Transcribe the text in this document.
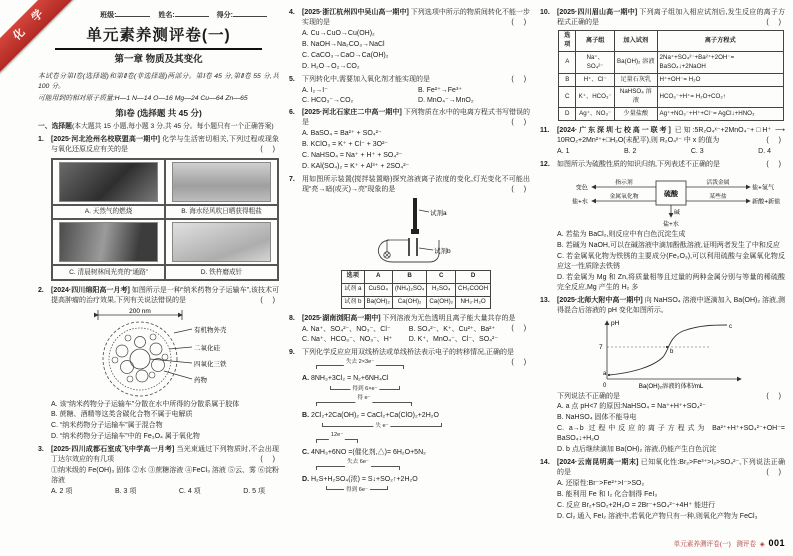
化 学	班级:	姓名:	得分:
单元素养测评卷(一)
第一章 物质及其变化
本试卷分第Ⅰ卷(选择题)和第Ⅱ卷(非选择题)两部分。第Ⅰ卷 45 分,第Ⅱ卷 55 分,共 100 分。
可能用到的相对原子质量:H—1 N—14 O—16 Mg—24 Cu—64 Zn—65
第Ⅰ卷 (选择题 共 45 分)
一、选择题(本大题共 15 小题,每小题 3 分,共 45 分。每小题只有一个正确答案)
1.	[2025·河北沧州名校联盟高一期中] 化学与生活密切相关,下列过程或现象与氧化还原反应有关的是	( )
A. 天然气的燃烧	B. 海水经风吹日晒获得粗盐
C. 清晨树林间光亮的“通路”	D. 铁杵磨成针
2.	[2024·四川绵阳高一月考] 如图所示是一种“纳米药物分子运输车”,该技术可提高肿瘤的治疗效果,下列有关说法错误的是	( )
200 nm
有机物外壳
二氧化硅
四氧化三铁
药物
A. 该“纳米药物分子运输车”分散在水中所得的分散系属于胶体
B. 蔗糖、酒精等这类含碳化合物不属于电解质
C. “纳米药物分子运输车”属于混合物
D. “纳米药物分子运输车”中的 Fe₃O₄ 属于氧化物
3.	[2025·四川成都石室成飞中学高一月考] 当光束通过下列物质时,不会出现丁达尔效应的有几项	( )
①纳米级的 Fe(OH)₃ 固体 ②水 ③蔗糖溶液 ④FeCl₃ 溶液 ⑤云、雾 ⑥淀粉溶液
A. 2 项	B. 3 项	C. 4 项	D. 5 项
4.	[2025·浙江杭州四中吴山高一期中] 下列选项中所示的物质间转化不能一步实现的是	( )
A. Cu→CuO→Cu(OH)₂
B. NaOH→Na₂CO₃→NaCl
C. CaCO₃→CaO→Ca(OH)₂
D. H₂O→O₂→CO₂
5.	下列转化中,需要加入氧化剂才能实现的是	( )
A. I₂→I⁻	B. Fe²⁺→Fe³⁺
C. HCO₃⁻→CO₂	D. MnO₄⁻→MnO₂
6.	[2025·河北石家庄二中高一期中] 下列物质在水中的电离方程式书写错误的是	( )
A. BaSO₄ = Ba²⁺ + SO₄²⁻
B. KClO₃ = K⁺ + Cl⁻ + 3O²⁻
C. NaHSO₄ = Na⁺ + H⁺ + SO₄²⁻
D. KAl(SO₄)₂ = K⁺ + Al³⁺ + 2SO₄²⁻
7.	用如图所示装置(搅拌装置略)探究溶液离子浓度的变化,灯光变化不可能出现“亮→暗(或灭)→亮”现象的是	( )
试剂a
试剂b
选项	A	B	C	D
试剂 a	CuSO₄	(NH₄)₂SO₄	H₂SO₄	CH₃COOH
试剂 b	Ba(OH)₂	Ca(OH)₂	Ca(OH)₂	NH₃·H₂O
8.	[2025·湖南浏阳高一期中] 下列溶液为无色透明且离子能大量共存的是
( )
A. Na⁺、SO₄²⁻、NO₃⁻、Cl⁻	B. SO₄²⁻、K⁺、Cu²⁺、Ba²⁺
C. Na⁺、HCO₃⁻、NO₃⁻、H⁺	D. K⁺、MnO₄⁻、Cl⁻、SO₄²⁻
9.	下列化学反应应用双线桥法或单线桥法表示电子的转移情况,正确的是
( )
失去 2×3e⁻
A. 8NH₃+3Cl₂ = N₂+6NH₄Cl
得到 6×e⁻
得 e⁻
B. 2Cl₂+2Ca(OH)₂ = CaCl₂+Ca(ClO)₂+2H₂O
失 e⁻
12e⁻
C. 4NH₃+6NO =(催化剂,△)= 6H₂O+5N₂
失去 6e⁻
D. H₂S+H₂SO₄(浓) = S↓+SO₂↑+2H₂O
得到 6e⁻
10.	[2025·四川眉山高一期中] 下列离子组加入相应试剂后,发生反应的离子方程式正确的是	( )
选项	离子组	加入试剂	离子方程式
A	Na⁺、SO₄²⁻	Ba(OH)₂ 溶液	2Na⁺+SO₄²⁻+Ba²⁺+2OH⁻= BaSO₄↓+2NaOH
B	H⁺、Cl⁻	足量石灰乳	H⁺+OH⁻= H₂O
C	K⁺、HCO₃⁻	NaHSO₄ 溶液	HCO₃⁻+H⁺= H₂O+CO₂↑
D	Ag⁺、NO₃⁻	少量盐酸	Ag⁺+NO₃⁻+H⁺+Cl⁻= AgCl↓+HNO₃
11.	[2024·广东深圳七校高一联考] 已知:5R₂O₄ˣ⁻+2MnO₄⁻+□H⁺ ⟶ 10RO₂+2Mn²⁺+□H₂O(未配平),则 R₂O₄ˣ⁻ 中 x 的值为	( )
A. 1	B. 2	C. 3	D. 4
12.	如图所示为硫酸性质的知识归纳,下列表述不正确的是	( )
硫酸
指示剂
变色
金属氧化物
盐+水
活泼金属
盐+氢气
某些盐
新酸+新盐
碱
盐+水
A. 若盐为 BaCl₂,则反应中有白色沉淀生成
B. 若碱为 NaOH,可以在碱溶液中滴加酚酞溶液,证明两者发生了中和反应
C. 若金属氧化物为铁锈的主要成分(Fe₂O₃),可以利用硫酸与金属氧化物反应这一性质除去铁锈
D. 若金属为 Mg 和 Zn,将质量相等且过量的两种金属分别与等量的稀硫酸完全反应,Mg 产生的 H₂ 多
13.	[2025·北师大附中高一期中] 向 NaHSO₄ 溶液中逐滴加入 Ba(OH)₂ 溶液,测得混合后溶液的 pH 变化如图所示。
pH
7
a
b
c
0	Ba(OH)₂溶液的体积/mL
下列说法不正确的是	( )
A. a 点 pH<7 的原因:NaHSO₄ = Na⁺+H⁺+SO₄²⁻
B. NaHSO₄ 固体不能导电
C. a→b 过程中反应的离子方程式为 Ba²⁺+H⁺+SO₄²⁻+OH⁻= BaSO₄↓+H₂O
D. b 点后继续滴加 Ba(OH)₂ 溶液,仍能产生白色沉淀
14.	[2024·云南昆明高一期末] 已知氧化性:Br₂>Fe³⁺>I₂>SO₄²⁻,下列说法正确的是	( )
A. 还原性:Br⁻>Fe²⁺>I⁻>SO₂
B. 能利用 Fe 和 I₂ 化合制得 FeI₃
C. 反应 Br₂+SO₂+2H₂O = 2Br⁻+SO₄²⁻+4H⁺ 能进行
D. Cl₂ 通入 FeI₂ 溶液中,若氧化产物只有一种,则氧化产物为 FeCl₃
单元素养测评卷(一) 测评卷 ◈ 001
